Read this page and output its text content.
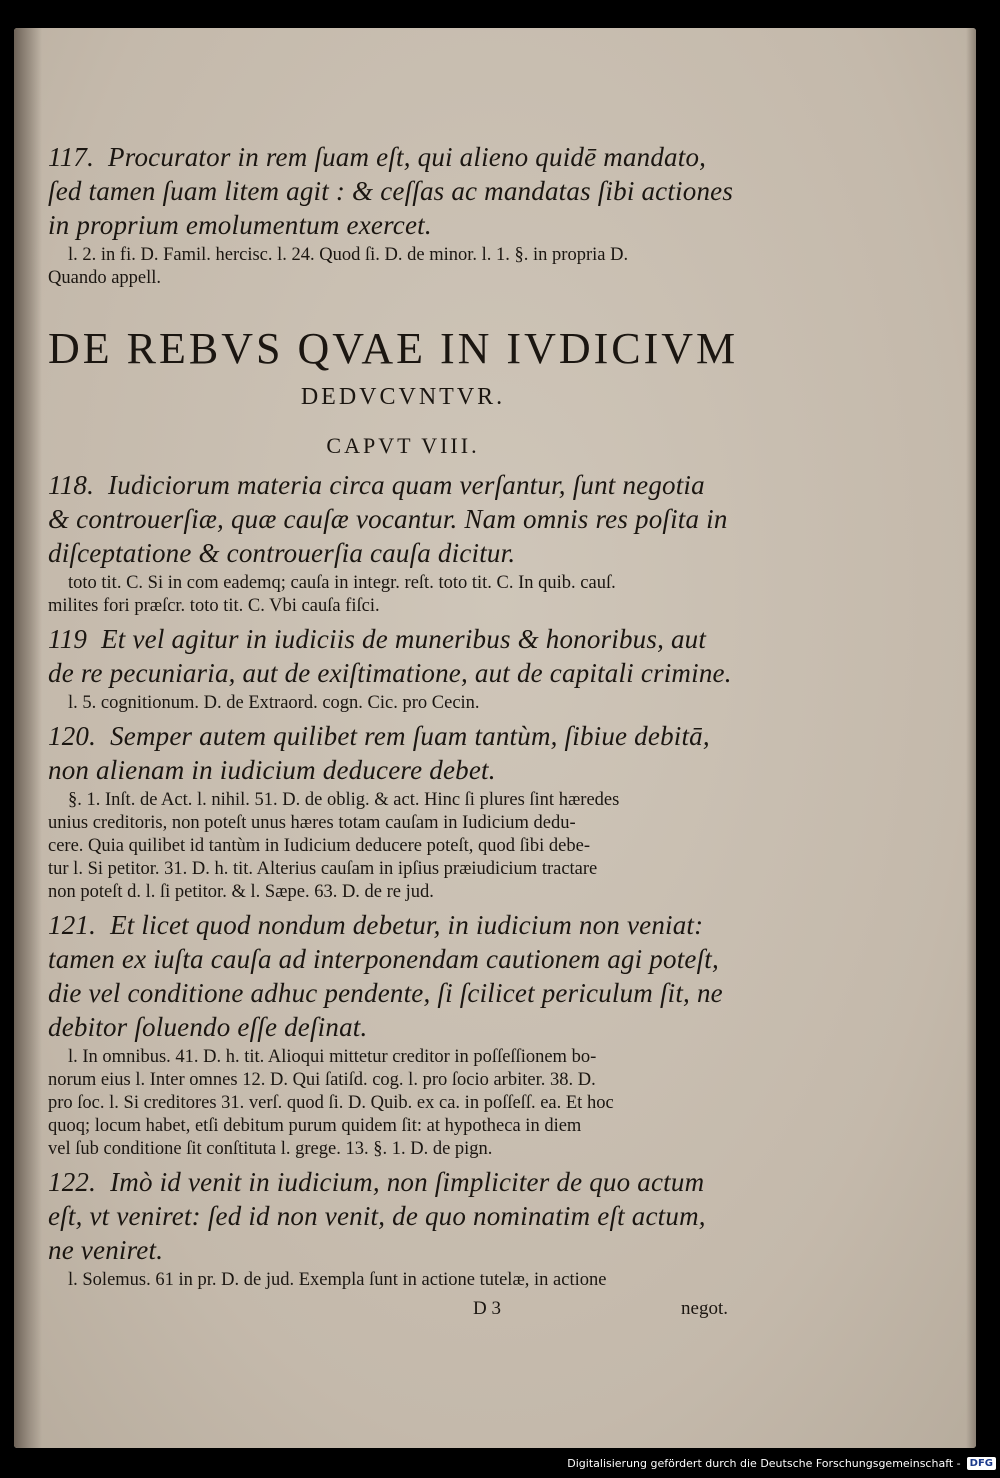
117. Procurator in rem ſuam eſt, qui alieno quidē mandato,

ſed tamen ſuam litem agit : & ceſſas ac mandatas ſibi actiones

in proprium emolumentum exercet.

l. 2. in fi. D. Famil. hercisc. l. 24. Quod ſi. D. de minor. l. 1. §. in propria D.
Quando appell.
DE REBVS QVAE IN IVDICIVM
DEDVCVNTVR.
CAPVT VIII.

118. Iudiciorum materia circa quam verſantur, ſunt negotia

& controuerſiæ, quæ cauſæ vocantur. Nam omnis res poſita in

diſceptatione & controuerſia cauſa dicitur.

toto tit. C. Si in com eademq; cauſa in integr. reſt. toto tit. C. In quib. cauſ.
milites fori præſcr. toto tit. C. Vbi cauſa fiſci.

119 Et vel agitur in iudiciis de muneribus & honoribus, aut

de re pecuniaria, aut de exiſtimatione, aut de capitali crimine.

l. 5. cognitionum. D. de Extraord. cogn. Cic. pro Cecin.

120. Semper autem quilibet rem ſuam tantùm, ſibiue debitā,

non alienam in iudicium deducere debet.

§. 1. Inſt. de Act. l. nihil. 51. D. de oblig. & act. Hinc ſi plures ſint hæredes
unius creditoris, non poteſt unus hæres totam cauſam in Iudicium dedu-
cere. Quia quilibet id tantùm in Iudicium deducere poteſt, quod ſibi debe-
tur l. Si petitor. 31. D. h. tit. Alterius cauſam in ipſius præiudicium tractare
non poteſt d. l. ſi petitor. & l. Sæpe. 63. D. de re jud.

121. Et licet quod nondum debetur, in iudicium non veniat:

tamen ex iuſta cauſa ad interponendam cautionem agi poteſt,

die vel conditione adhuc pendente, ſi ſcilicet periculum ſit, ne

debitor ſoluendo eſſe deſinat.

l. In omnibus. 41. D. h. tit. Alioqui mittetur creditor in poſſeſſionem bo-
norum eius l. Inter omnes 12. D. Qui ſatiſd. cog. l. pro ſocio arbiter. 38. D.
pro ſoc. l. Si creditores 31. verſ. quod ſi. D. Quib. ex ca. in poſſeſſ. ea. Et hoc
quoq; locum habet, etſi debitum purum quidem ſit: at hypotheca in diem
vel ſub conditione ſit conſtituta l. grege. 13. §. 1. D. de pign.

122. Imò id venit in iudicium, non ſimpliciter de quo actum

eſt, vt veniret: ſed id non venit, de quo nominatim eſt actum,

ne veniret.

l. Solemus. 61 in pr. D. de jud. Exempla ſunt in actione tutelæ, in actione
D 3	negot.
Digitalisierung gefördert durch die Deutsche Forschungsgemeinschaft - DFG
